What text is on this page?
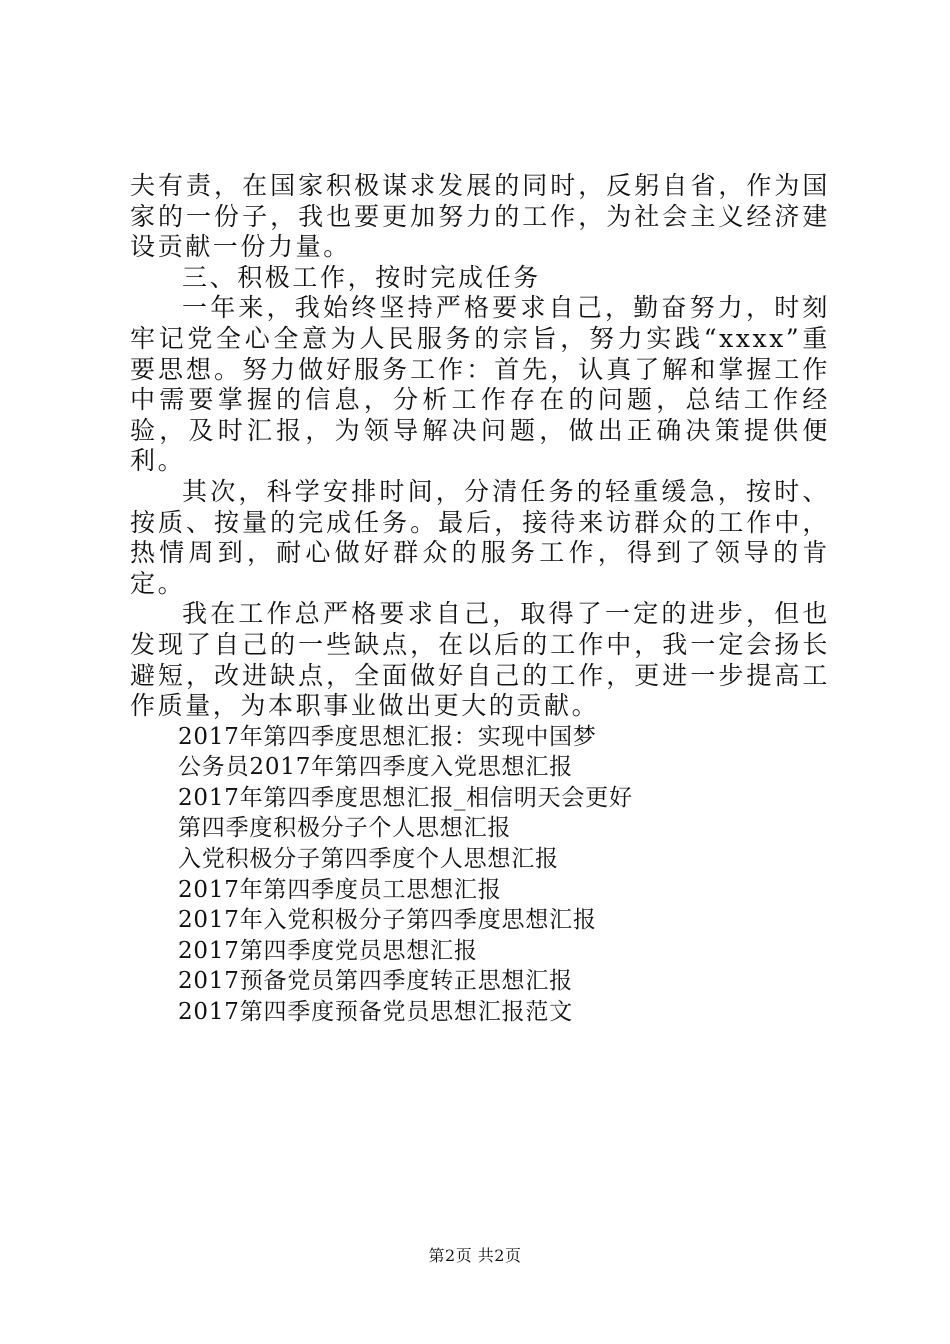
夫有责，在国家积极谋求发展的同时，反躬自省，作为国家的一份子，我也要更加努力的工作，为社会主义经济建设贡献一份力量。

三、积极工作，按时完成任务

一年来，我始终坚持严格要求自己，勤奋努力，时刻牢记党全心全意为人民服务的宗旨，努力实践“xxxx”重要思想。努力做好服务工作：首先，认真了解和掌握工作中需要掌握的信息，分析工作存在的问题，总结工作经验，及时汇报，为领导解决问题，做出正确决策提供便利。

其次，科学安排时间，分清任务的轻重缓急，按时、按质、按量的完成任务。最后，接待来访群众的工作中，热情周到，耐心做好群众的服务工作，得到了领导的肯定。

我在工作总严格要求自己，取得了一定的进步，但也发现了自己的一些缺点，在以后的工作中，我一定会扬长避短，改进缺点，全面做好自己的工作，更进一步提高工作质量，为本职事业做出更大的贡献。

2017年第四季度思想汇报：实现中国梦
公务员2017年第四季度入党思想汇报
2017年第四季度思想汇报_相信明天会更好
第四季度积极分子个人思想汇报
入党积极分子第四季度个人思想汇报
2017年第四季度员工思想汇报
2017年入党积极分子第四季度思想汇报
2017第四季度党员思想汇报
2017预备党员第四季度转正思想汇报
2017第四季度预备党员思想汇报范文
第2页 共2页
